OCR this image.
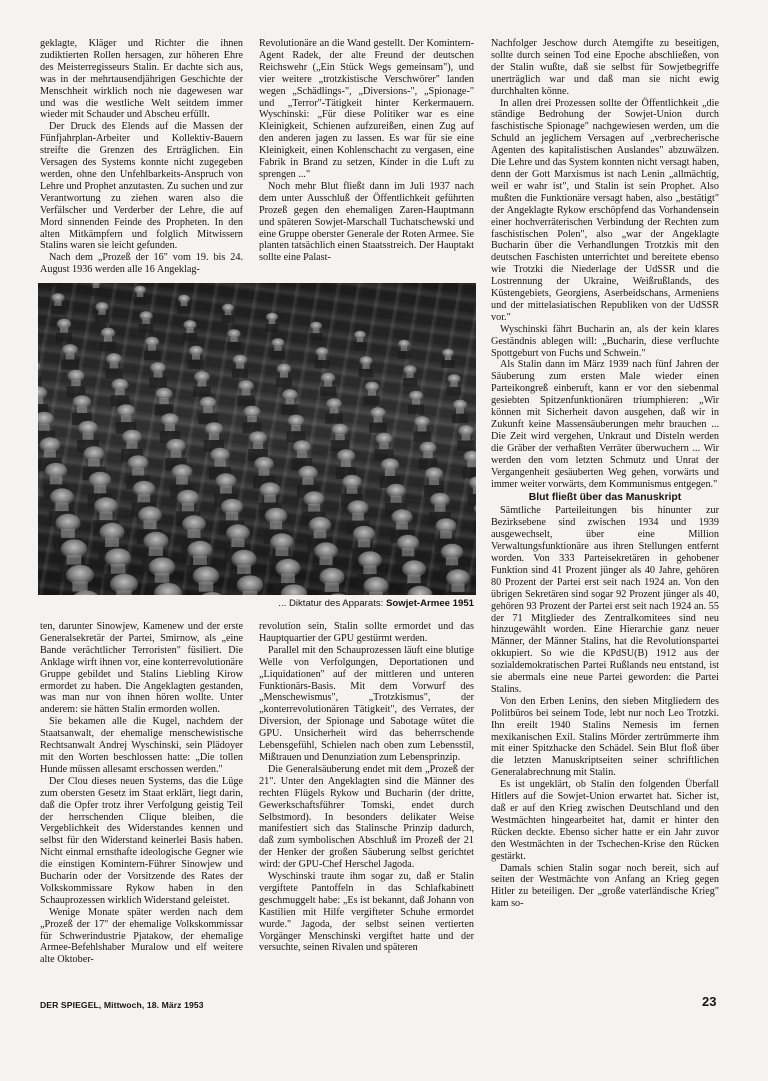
geklagte, Kläger und Richter die ihnen zudiktierten Rollen hersagen, zur höheren Ehre des Meisterregisseurs Stalin. Er dachte sich aus, was in der mehrtausendjährigen Geschichte der Menschheit wirklich noch nie dagewesen war und was die westliche Welt seitdem immer wieder mit Schauder und Abscheu erfüllt.

Der Druck des Elends auf die Massen der Fünfjahrplan-Arbeiter und Kollektiv-Bauern streifte die Grenzen des Erträglichen. Ein Versagen des Systems konnte nicht zugegeben werden, ohne den Unfehlbarkeits-Anspruch von Lehre und Prophet anzutasten. Zu suchen und zur Verantwortung zu ziehen waren also die Verfälscher und Verderber der Lehre, die auf Mord sinnenden Feinde des Propheten. In den alten Mitkämpfern und folglich Mitwissern Stalins waren sie leicht gefunden.

Nach dem „Prozeß der 16" vom 19. bis 24. August 1936 werden alle 16 Angeklag-

Revolutionäre an die Wand gestellt. Der Komintern-Agent Radek, der alte Freund der deutschen Reichswehr („Ein Stück Wegs gemeinsam"), und vier weitere „trotzkistische Verschwörer" landen wegen „Schädlings-", „Diversions-", „Spionage-" und „Terror"-Tätigkeit hinter Kerkermauern. Wyschinski: „Für diese Politiker war es eine Kleinigkeit, Schienen aufzureißen, einen Zug auf den anderen jagen zu lassen. Es war für sie eine Kleinigkeit, einen Kohlenschacht zu vergasen, eine Fabrik in Brand zu setzen, Kinder in die Luft zu sprengen ..."

Noch mehr Blut fließt dann im Juli 1937 nach dem unter Ausschluß der Öffentlichkeit geführten Prozeß gegen den ehemaligen Zaren-Hauptmann und späteren Sowjet-Marschall Tuchatschewski und eine Gruppe oberster Generale der Roten Armee. Sie planten tatsächlich einen Staatsstreich. Der Hauptakt sollte eine Palast-

... Diktatur des Apparats: Sowjet-Armee 1951

ten, darunter Sinowjew, Kamenew und der erste Generalsekretär der Partei, Smirnow, als „eine Bande verächtlicher Terroristen" füsiliert. Die Anklage wirft ihnen vor, eine konterrevolutionäre Gruppe gebildet und Stalins Liebling Kirow ermordet zu haben. Die Angeklagten gestanden, was man nur von ihnen hören wollte. Unter anderem: sie hätten Stalin ermorden wollen.

Sie bekamen alle die Kugel, nachdem der Staatsanwalt, der ehemalige menschewistische Rechtsanwalt Andrej Wyschinski, sein Plädoyer mit den Worten beschlossen hatte: „Die tollen Hunde müssen allesamt erschossen werden."

Der Clou dieses neuen Systems, das die Lüge zum obersten Gesetz im Staat erklärt, liegt darin, daß die Opfer trotz ihrer Verfolgung geistig Teil der herrschenden Clique bleiben, die Vergeblichkeit des Widerstandes kennen und selbst für den Widerstand keinerlei Basis haben. Nicht einmal ernsthafte ideologische Gegner wie die einstigen Komintern-Führer Sinowjew und Bucharin oder der Vorsitzende des Rates der Volkskommissare Rykow haben in den Schauprozessen wirklich Widerstand geleistet.

Wenige Monate später werden nach dem „Prozeß der 17" der ehemalige Volkskommissar für Schwerindustrie Pjatakow, der ehemalige Armee-Befehlshaber Muralow und elf weitere alte Oktober-

revolution sein, Stalin sollte ermordet und das Hauptquartier der GPU gestürmt werden.

Parallel mit den Schauprozessen läuft eine blutige Welle von Verfolgungen, Deportationen und „Liquidationen" auf der mittleren und unteren Funktionärs-Basis. Mit dem Vorwurf des „Menschewismus", „Trotzkismus", der „konterrevolutionären Tätigkeit", des Verrates, der Diversion, der Spionage und Sabotage wütet die GPU. Unsicherheit wird das beherrschende Lebensgefühl, Schielen nach oben zum Lebensstil, Mißtrauen und Denunziation zum Lebensprinzip.

Die Generalsäuberung endet mit dem „Prozeß der 21". Unter den Angeklagten sind die Männer des rechten Flügels Rykow und Bucharin (der dritte, Gewerkschaftsführer Tomski, endet durch Selbstmord). In besonders delikater Weise manifestiert sich das Stalinsche Prinzip dadurch, daß zum symbolischen Abschluß im Prozeß der 21 der Henker der großen Säuberung selbst gerichtet wird: der GPU-Chef Herschel Jagoda.

Wyschinski traute ihm sogar zu, daß er Stalin vergiftete Pantoffeln in das Schlafkabinett geschmuggelt habe: „Es ist bekannt, daß Johann von Kastilien mit Hilfe vergifteter Schuhe ermordet wurde." Jagoda, der selbst seinen vertierten Vorgänger Menschinski vergiftet hatte und der versuchte, seinen Rivalen und späteren

Nachfolger Jeschow durch Atemgifte zu beseitigen, sollte durch seinen Tod eine Epoche abschließen, von der Stalin wußte, daß sie selbst für Sowjetbegriffe unerträglich war und daß man sie nicht ewig durchhalten könne.

In allen drei Prozessen sollte der Öffentlichkeit „die ständige Bedrohung der Sowjet-Union durch faschistische Spionage" nachgewiesen werden, um die Schuld an jeglichem Versagen auf „verbrecherische Agenten des kapitalistischen Auslandes" abzuwälzen. Die Lehre und das System konnten nicht versagt haben, denn der Gott Marxismus ist nach Lenin „allmächtig, weil er wahr ist", und Stalin ist sein Prophet. Also mußten die Funktionäre versagt haben, also „bestätigt" der Angeklagte Rykow erschöpfend das Vorhandensein einer hochverräterischen Verbindung der Rechten zum faschistischen Polen", also „war der Angeklagte Bucharin über die Verhandlungen Trotzkis mit den deutschen Faschisten unterrichtet und bereitete ebenso wie Trotzki die Niederlage der UdSSR und die Lostrennung der Ukraine, Weißrußlands, des Küstengebiets, Georgiens, Aserbeidschans, Armeniens und der mittelasiatischen Republiken von der UdSSR vor."

Wyschinski fährt Bucharin an, als der kein klares Geständnis ablegen will: „Bucharin, diese verfluchte Spottgeburt von Fuchs und Schwein."

Als Stalin dann im März 1939 nach fünf Jahren der Säuberung zum ersten Male wieder einen Parteikongreß einberuft, kann er vor den siebenmal gesiebten Spitzenfunktionären triumphieren: „Wir können mit Sicherheit davon ausgehen, daß wir in Zukunft keine Massensäuberungen mehr brauchen ... Die Zeit wird vergehen, Unkraut und Disteln werden die Gräber der verhaßten Verräter überwuchern ... Wir werden den vom letzten Schmutz und Unrat der Vergangenheit gesäuberten Weg gehen, vorwärts und immer weiter vorwärts, dem Kommunismus entgegen."

Blut fließt über das Manuskript

Sämtliche Parteileitungen bis hinunter zur Bezirksebene sind zwischen 1934 und 1939 ausgewechselt, über eine Million Verwaltungsfunktionäre aus ihren Stellungen entfernt worden. Von 333 Parteisekretären in gehobener Funktion sind 41 Prozent jünger als 40 Jahre, gehören 80 Prozent der Partei erst seit nach 1924 an. Von den übrigen Sekretären sind sogar 92 Prozent jünger als 40, gehören 93 Prozent der Partei erst seit nach 1924 an. 55 der 71 Mitglieder des Zentralkomitees sind neu hinzugewählt worden. Eine Hierarchie ganz neuer Männer, der Männer Stalins, hat die Revolutionspartei okkupiert. So wie die KPdSU(B) 1912 aus der sozialdemokratischen Partei Rußlands neu entstand, ist sie abermals eine neue Partei geworden: die Partei Stalins.

Von den Erben Lenins, den sieben Mitgliedern des Politbüros bei seinem Tode, lebt nur noch Leo Trotzki. Ihn ereilt 1940 Stalins Nemesis im fernen mexikanischen Exil. Stalins Mörder zertrümmerte ihm mit einer Spitzhacke den Schädel. Sein Blut floß über die letzten Manuskriptseiten seiner schriftlichen Generalabrechnung mit Stalin.

Es ist ungeklärt, ob Stalin den folgenden Überfall Hitlers auf die Sowjet-Union erwartet hat. Sicher ist, daß er auf den Krieg zwischen Deutschland und den Westmächten hingearbeitet hat, damit er hinter den Rücken deckte. Ebenso sicher hatte er ein Jahr zuvor den Westmächten in der Tschechen-Krise den Rücken gestärkt.

Damals schien Stalin sogar noch bereit, sich auf seiten der Westmächte von Anfang an Krieg gegen Hitler zu beteiligen. Der „große vaterländische Krieg" kam so-

DER SPIEGEL, Mittwoch, 18. März 1953	23
